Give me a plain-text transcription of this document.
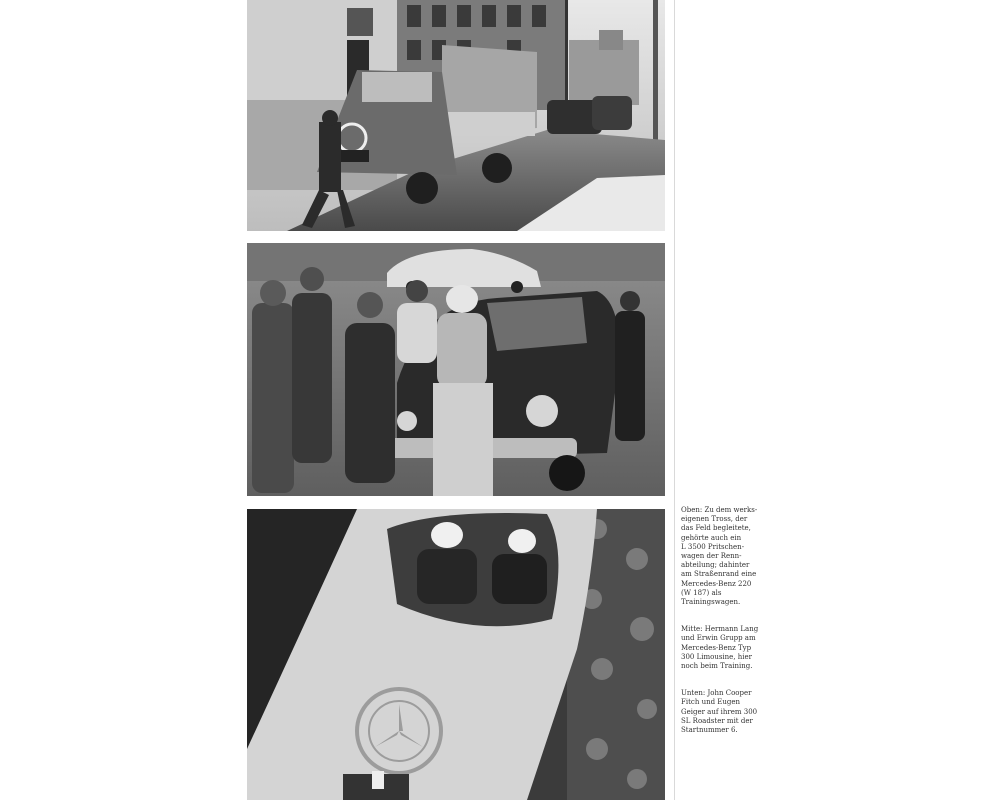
Oben: Zu dem werks-
eigenen Tross, der
das Feld begleitete,
gehörte auch ein
L 3500 Pritschen-
wagen der Renn-
abteilung; dahinter
am Straßenrand eine
Mercedes-Benz 220
(W 187) als
Trainingswagen.

Mitte: Hermann Lang
und Erwin Grupp am
Mercedes-Benz Typ
300 Limousine, hier
noch beim Training.

Unten: John Cooper
Fitch und Eugen
Geiger auf ihrem 300
SL Roadster mit der
Startnummer 6.
